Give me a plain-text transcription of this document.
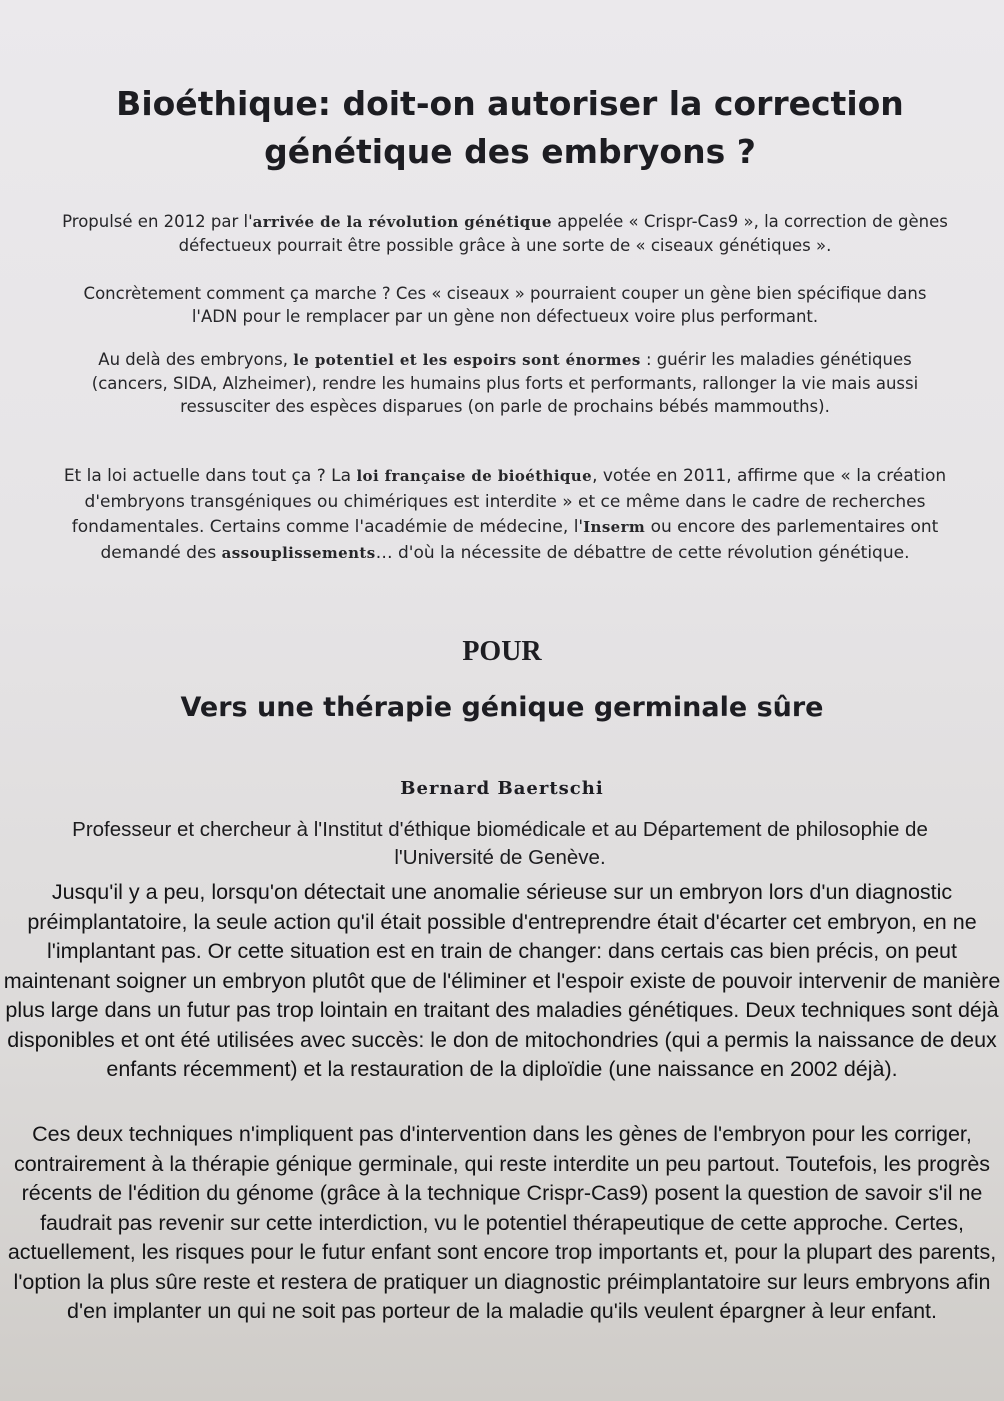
Bioéthique: doit-on autoriser la correction génétique des embryons ?

Propulsé en 2012 par l'arrivée de la révolution génétique appelée « Crispr-Cas9 », la correction de gènes défectueux pourrait être possible grâce à une sorte de « ciseaux génétiques ».

Concrètement comment ça marche ? Ces « ciseaux » pourraient couper un gène bien spécifique dans l'ADN pour le remplacer par un gène non défectueux voire plus performant.

Au delà des embryons, le potentiel et les espoirs sont énormes : guérir les maladies génétiques (cancers, SIDA, Alzheimer), rendre les humains plus forts et performants, rallonger la vie mais aussi ressusciter des espèces disparues (on parle de prochains bébés mammouths).

Et la loi actuelle dans tout ça ? La loi française de bioéthique, votée en 2011, affirme que « la création d'embryons transgéniques ou chimériques est interdite » et ce même dans le cadre de recherches fondamentales. Certains comme l'académie de médecine, l'Inserm ou encore des parlementaires ont demandé des assouplissements… d'où la nécessite de débattre de cette révolution génétique.

POUR
Vers une thérapie génique germinale sûre
Bernard Baertschi

Professeur et chercheur à l'Institut d'éthique biomédicale et au Département de philosophie de l'Université de Genève.

Jusqu'il y a peu, lorsqu'on détectait une anomalie sérieuse sur un embryon lors d'un diagnostic préimplantatoire, la seule action qu'il était possible d'entreprendre était d'écarter cet embryon, en ne l'implantant pas. Or cette situation est en train de changer: dans certais cas bien précis, on peut maintenant soigner un embryon plutôt que de l'éliminer et l'espoir existe de pouvoir intervenir de manière plus large dans un futur pas trop lointain en traitant des maladies génétiques. Deux techniques sont déjà disponibles et ont été utilisées avec succès: le don de mitochondries (qui a permis la naissance de deux enfants récemment) et la restauration de la diploïdie (une naissance en 2002 déjà).

Ces deux techniques n'impliquent pas d'intervention dans les gènes de l'embryon pour les corriger, contrairement à la thérapie génique germinale, qui reste interdite un peu partout. Toutefois, les progrès récents de l'édition du génome (grâce à la technique Crispr-Cas9) posent la question de savoir s'il ne faudrait pas revenir sur cette interdiction, vu le potentiel thérapeutique de cette approche. Certes, actuellement, les risques pour le futur enfant sont encore trop importants et, pour la plupart des parents, l'option la plus sûre reste et restera de pratiquer un diagnostic préimplantatoire sur leurs embryons afin d'en implanter un qui ne soit pas porteur de la maladie qu'ils veulent épargner à leur enfant.
